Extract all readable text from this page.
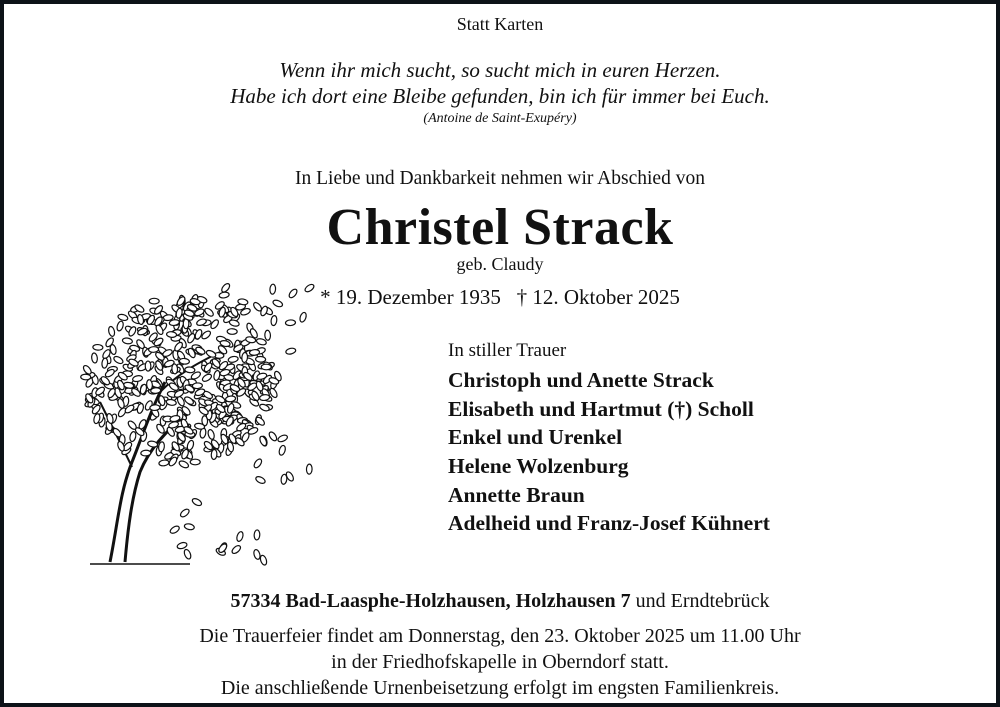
Statt Karten
Wenn ihr mich sucht, so sucht mich in euren Herzen.
Habe ich dort eine Bleibe gefunden, bin ich für immer bei Euch.
(Antoine de Saint-Exupéry)
In Liebe und Dankbarkeit nehmen wir Abschied von
Christel Strack
geb. Claudy
* 19. Dezember 1935   † 12. Oktober 2025
In stiller Trauer
Christoph und Anette Strack
Elisabeth und Hartmut (†) Scholl
Enkel und Urenkel
Helene Wolzenburg
Annette Braun
Adelheid und Franz-Josef Kühnert
57334 Bad-Laasphe-Holzhausen, Holzhausen 7 und Erndtebrück
Die Trauerfeier findet am Donnerstag, den 23. Oktober 2025 um 11.00 Uhr
in der Friedhofskapelle in Oberndorf statt.
Die anschließende Urnenbeisetzung erfolgt im engsten Familienkreis.
